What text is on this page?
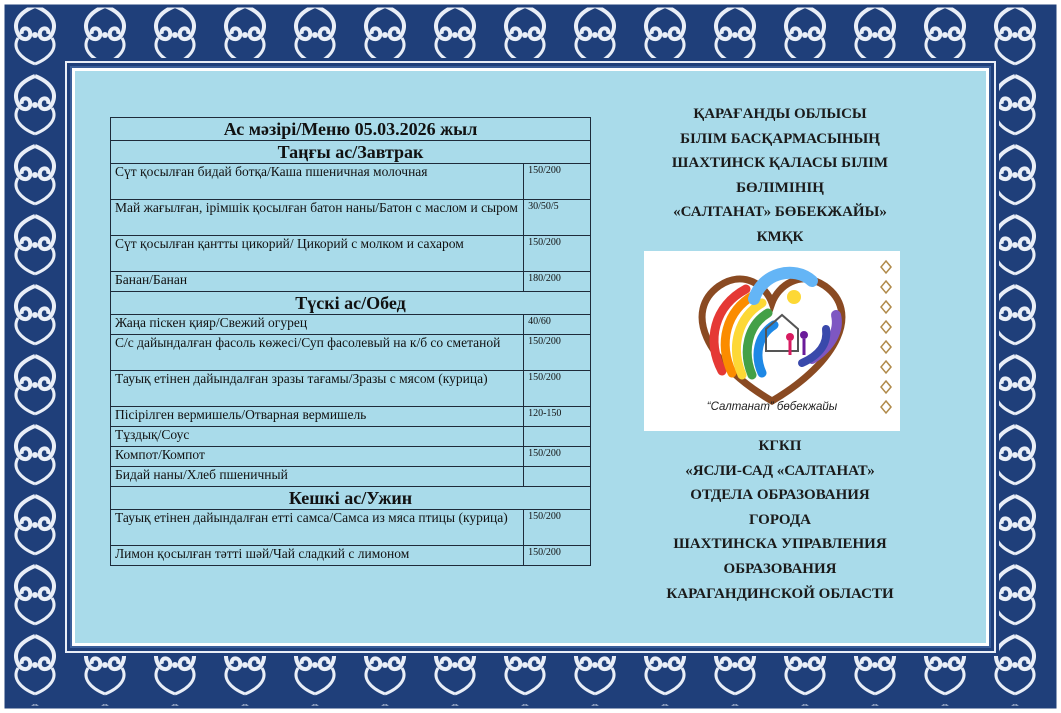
Ас мәзірі/Меню 05.03.2026 жыл	
Таңғы ас/Завтрак	
Сүт қосылған бидай ботқа/Каша пшеничная молочная	150/200
Май жағылған, ірімшік қосылған батон наны/Батон с маслом и сыром	30/50/5
Сүт қосылған қантты цикорий/ Цикорий с молком и сахаром	150/200
Банан/Банан	180/200
Түскі ас/Обед	
Жаңа піскен қияр/Свежий огурец	40/60
С/с дайындалған фасоль көжесі/Суп фасолевый на к/б со сметаной	150/200
Тауық етінен дайындалған зразы тағамы/Зразы с мясом (курица)	150/200
Пісірілген вермишель/Отварная вермишель	120-150
Тұздық/Соус	
Компот/Компот	150/200
Бидай наны/Хлеб пшеничный	
Кешкі ас/Ужин	
Тауық етінен дайындалған етті самса/Самса из мяса птицы (курица)	150/200
Лимон қосылған тәтті шәй/Чай сладкий с лимоном	150/200
ҚАРАҒАНДЫ ОБЛЫСЫ
БІЛІМ БАСҚАРМАСЫНЫҢ
ШАХТИНСК ҚАЛАСЫ БІЛІМ
БӨЛІМІНІҢ
«САЛТАНАТ» БӨБЕКЖАЙЫ»
КМҚК
“Салтанат” бөбекжайы
КГКП
«ЯСЛИ-САД «САЛТАНАТ»
ОТДЕЛА ОБРАЗОВАНИЯ
ГОРОДА
ШАХТИНСКА УПРАВЛЕНИЯ
ОБРАЗОВАНИЯ
КАРАГАНДИНСКОЙ ОБЛАСТИ
